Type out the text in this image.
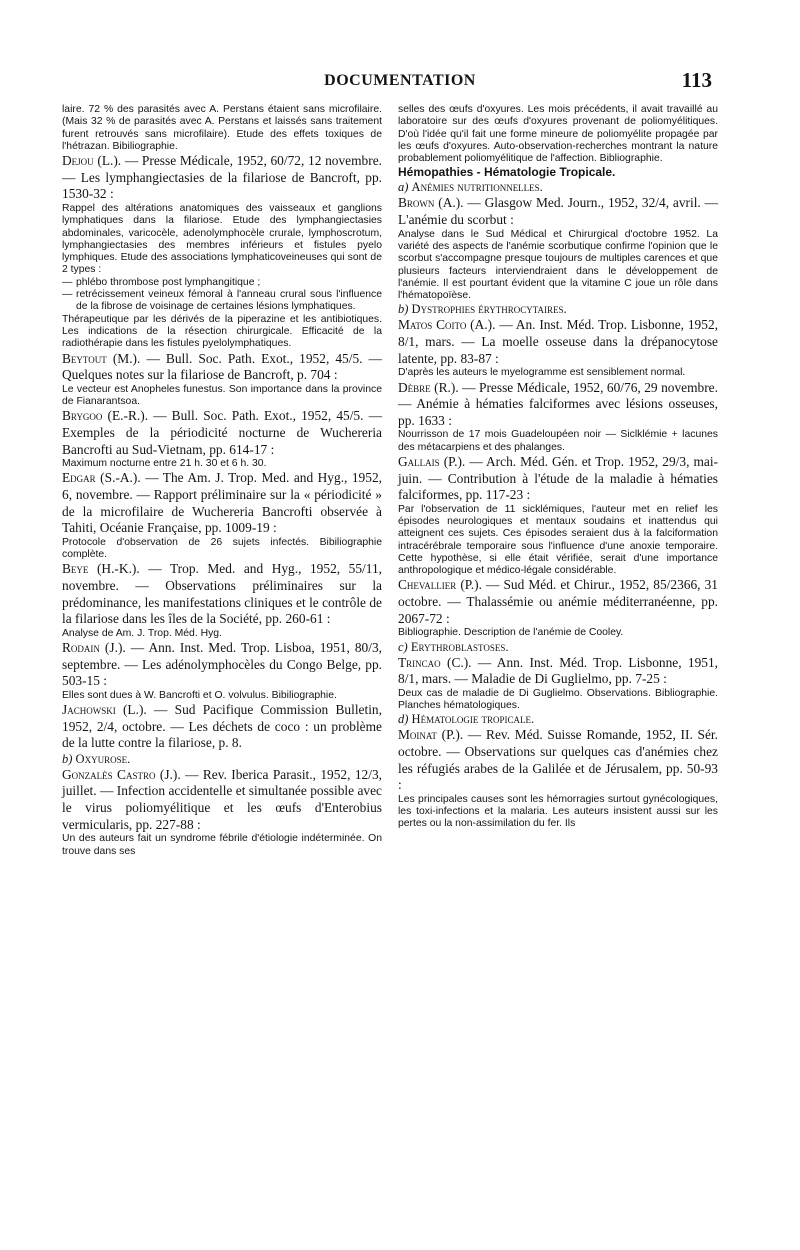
DOCUMENTATION	113

laire. 72 % des parasités avec A. Perstans étaient sans microfilaire. (Mais 32 % de parasités avec A. Perstans et laissés sans traitement furent retrouvés sans microfilaire). Etude des effets toxiques de l'hétrazan. Bibiliographie.

Dejou (L.). — Presse Médicale, 1952, 60/72, 12 novembre. — Les lymphangiectasies de la filariose de Bancroft, pp. 1530-32 :

Rappel des altérations anatomiques des vaisseaux et ganglions lymphatiques dans la filariose. Etude des lymphangiectasies abdominales, varicocèle, adenolymphocèle crurale, lymphoscrotum, lymphangiectasies des membres inférieurs et fistules pyelo lymphiques. Etude des associations lymphaticoveineuses qui sont de 2 types :

— phlébo thrombose post lymphangitique ;
— retrécissement veineux fémoral à l'anneau crural sous l'influence de la fibrose de voisinage de certaines lésions lymphatiques.

Thérapeutique par les dérivés de la piperazine et les antibiotiques. Les indications de la résection chirurgicale. Efficacité de la radiothérapie dans les fistules pyelolymphatiques.

Beytout (M.). — Bull. Soc. Path. Exot., 1952, 45/5. — Quelques notes sur la filariose de Bancroft, p. 704 :

Le vecteur est Anopheles funestus. Son importance dans la province de Fianarantsoa.

Brygoo (E.-R.). — Bull. Soc. Path. Exot., 1952, 45/5. — Exemples de la périodicité nocturne de Wuchereria Bancrofti au Sud-Vietnam, pp. 614-17 :

Maximum nocturne entre 21 h. 30 et 6 h. 30.

Edgar (S.-A.). — The Am. J. Trop. Med. and Hyg., 1952, 6, novembre. — Rapport préliminaire sur la « périodicité » de la microfilaire de Wuchereria Bancrofti observée à Tahiti, Océanie Française, pp. 1009-19 :

Protocole d'observation de 26 sujets infectés. Bibiliographie complète.

Beye (H.-K.). — Trop. Med. and Hyg., 1952, 55/11, novembre. — Observations préliminaires sur la prédominance, les manifestations cliniques et le contrôle de la filariose dans les îles de la Société, pp. 260-61 :

Analyse de Am. J. Trop. Méd. Hyg.

Rodain (J.). — Ann. Inst. Med. Trop. Lisboa, 1951, 80/3, septembre. — Les adénolymphocèles du Congo Belge, pp. 503-15 :

Elles sont dues à W. Bancrofti et O. volvulus. Bibiliographie.

Jachowski (L.). — Sud Pacifique Commission Bulletin, 1952, 2/4, octobre. — Les déchets de coco : un problème de la lutte contre la filariose, p. 8.

b) Oxyurose.

Gonzalès Castro (J.). — Rev. Iberica Parasit., 1952, 12/3, juillet. — Infection accidentelle et simultanée possible avec le virus poliomyélitique et les œufs d'Enterobius vermicularis, pp. 227-88 :

Un des auteurs fait un syndrome fébrile d'étiologie indéterminée. On trouve dans ses

selles des œufs d'oxyures. Les mois précédents, il avait travaillé au laboratoire sur des œufs d'oxyures provenant de poliomyélitiques. D'où l'idée qu'il fait une forme mineure de poliomyélite propagée par les œufs d'oxyures. Auto-observation-recherches montrant la nature probablement poliomyélitique de l'affection. Bibliographie.

Hémopathies - Hématologie Tropicale.

a) Anémies nutritionnelles.

Brown (A.). — Glasgow Med. Journ., 1952, 32/4, avril. — L'anémie du scorbut :

Analyse dans le Sud Médical et Chirurgical d'octobre 1952. La variété des aspects de l'anémie scorbutique confirme l'opinion que le scorbut s'accompagne presque toujours de multiples carences et que plusieurs facteurs interviendraient dans le développement de l'anémie. Il est pourtant évident que la vitamine C joue un rôle dans l'hématopoïèse.

b) Dystrophies érythrocytaires.

Matos Coito (A.). — An. Inst. Méd. Trop. Lisbonne, 1952, 8/1, mars. — La moelle osseuse dans la drépanocytose latente, pp. 83-87 :

D'après les auteurs le myelogramme est sensiblement normal.

Dèbre (R.). — Presse Médicale, 1952, 60/76, 29 novembre. — Anémie à hématies falciformes avec lésions osseuses, pp. 1633 :

Nourrisson de 17 mois Guadeloupéen noir — Siclklémie + lacunes des métacarpiens et des phalanges.

Gallais (P.). — Arch. Méd. Gén. et Trop. 1952, 29/3, mai-juin. — Contribution à l'étude de la maladie à hématies falciformes, pp. 117-23 :

Par l'observation de 11 sicklémiques, l'auteur met en relief les épisodes neurologiques et mentaux soudains et inattendus qui atteignent ces sujets. Ces épisodes seraient dus à la falciformation intracérébrale temporaire sous l'influence d'une anoxie temporaire. Cette hypothèse, si elle était vérifiée, serait d'une importance anthropologique et médico-légale considérable.

Chevallier (P.). — Sud Méd. et Chirur., 1952, 85/2366, 31 octobre. — Thalassémie ou anémie méditerranéenne, pp. 2067-72 :

Bibliographie. Description de l'anémie de Cooley.

c) Erythroblastoses.

Trincao (C.). — Ann. Inst. Méd. Trop. Lisbonne, 1951, 8/1, mars. — Maladie de Di Guglielmo, pp. 7-25 :

Deux cas de maladie de Di Guglielmo. Observations. Bibliographie. Planches hématologiques.

d) Hématologie tropicale.

Moinat (P.). — Rev. Méd. Suisse Romande, 1952, II. Sér. octobre. — Observations sur quelques cas d'anémies chez les réfugiés arabes de la Galilée et de Jérusalem, pp. 50-93 :

Les principales causes sont les hémorragies surtout gynécologiques, les toxi-infections et la malaria. Les auteurs insistent aussi sur les pertes ou la non-assimilation du fer. Ils
